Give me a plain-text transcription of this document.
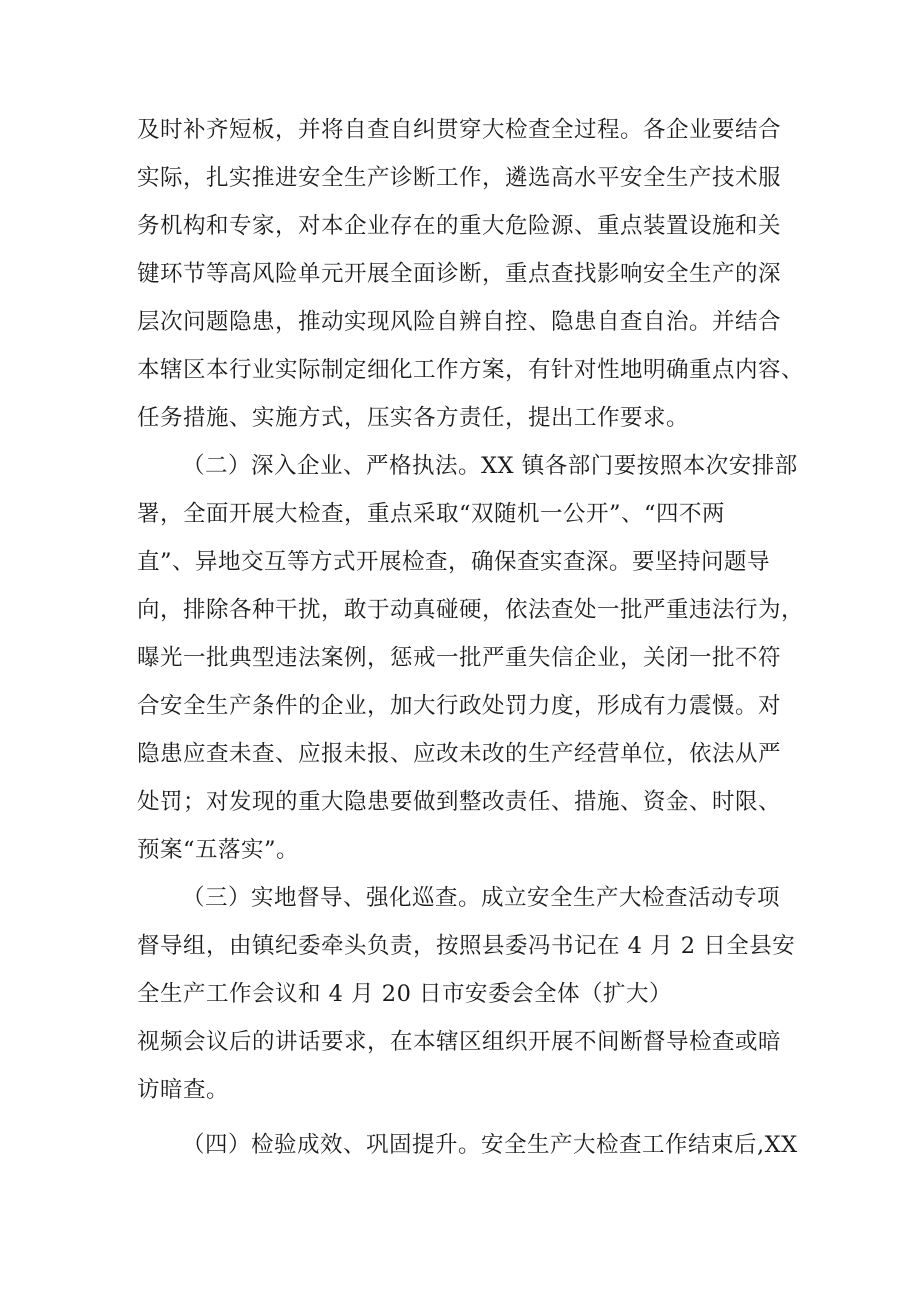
及时补齐短板，并将自查自纠贯穿大检查全过程。各企业要结合
实际，扎实推进安全生产诊断工作，遴选高水平安全生产技术服
务机构和专家，对本企业存在的重大危险源、重点装置设施和关
键环节等高风险单元开展全面诊断，重点查找影响安全生产的深
层次问题隐患，推动实现风险自辨自控、隐患自查自治。并结合
本辖区本行业实际制定细化工作方案，有针对性地明确重点内容、
任务措施、实施方式，压实各方责任，提出工作要求。
（二）深入企业、严格执法。XX 镇各部门要按照本次安排部
署，全面开展大检查，重点采取“双随机一公开”、“四不两
直”、异地交互等方式开展检查，确保查实查深。要坚持问题导
向，排除各种干扰，敢于动真碰硬，依法查处一批严重违法行为，
曝光一批典型违法案例，惩戒一批严重失信企业，关闭一批不符
合安全生产条件的企业，加大行政处罚力度，形成有力震慑。对
隐患应查未查、应报未报、应改未改的生产经营单位，依法从严
处罚；对发现的重大隐患要做到整改责任、措施、资金、时限、
预案“五落实”。
（三）实地督导、强化巡查。成立安全生产大检查活动专项
督导组，由镇纪委牵头负责，按照县委冯书记在 4 月 2 日全县安
全生产工作会议和 4 月 20 日市安委会全体（扩大）
视频会议后的讲话要求，在本辖区组织开展不间断督导检查或暗
访暗查。
（四）检验成效、巩固提升。安全生产大检查工作结束后,XX
